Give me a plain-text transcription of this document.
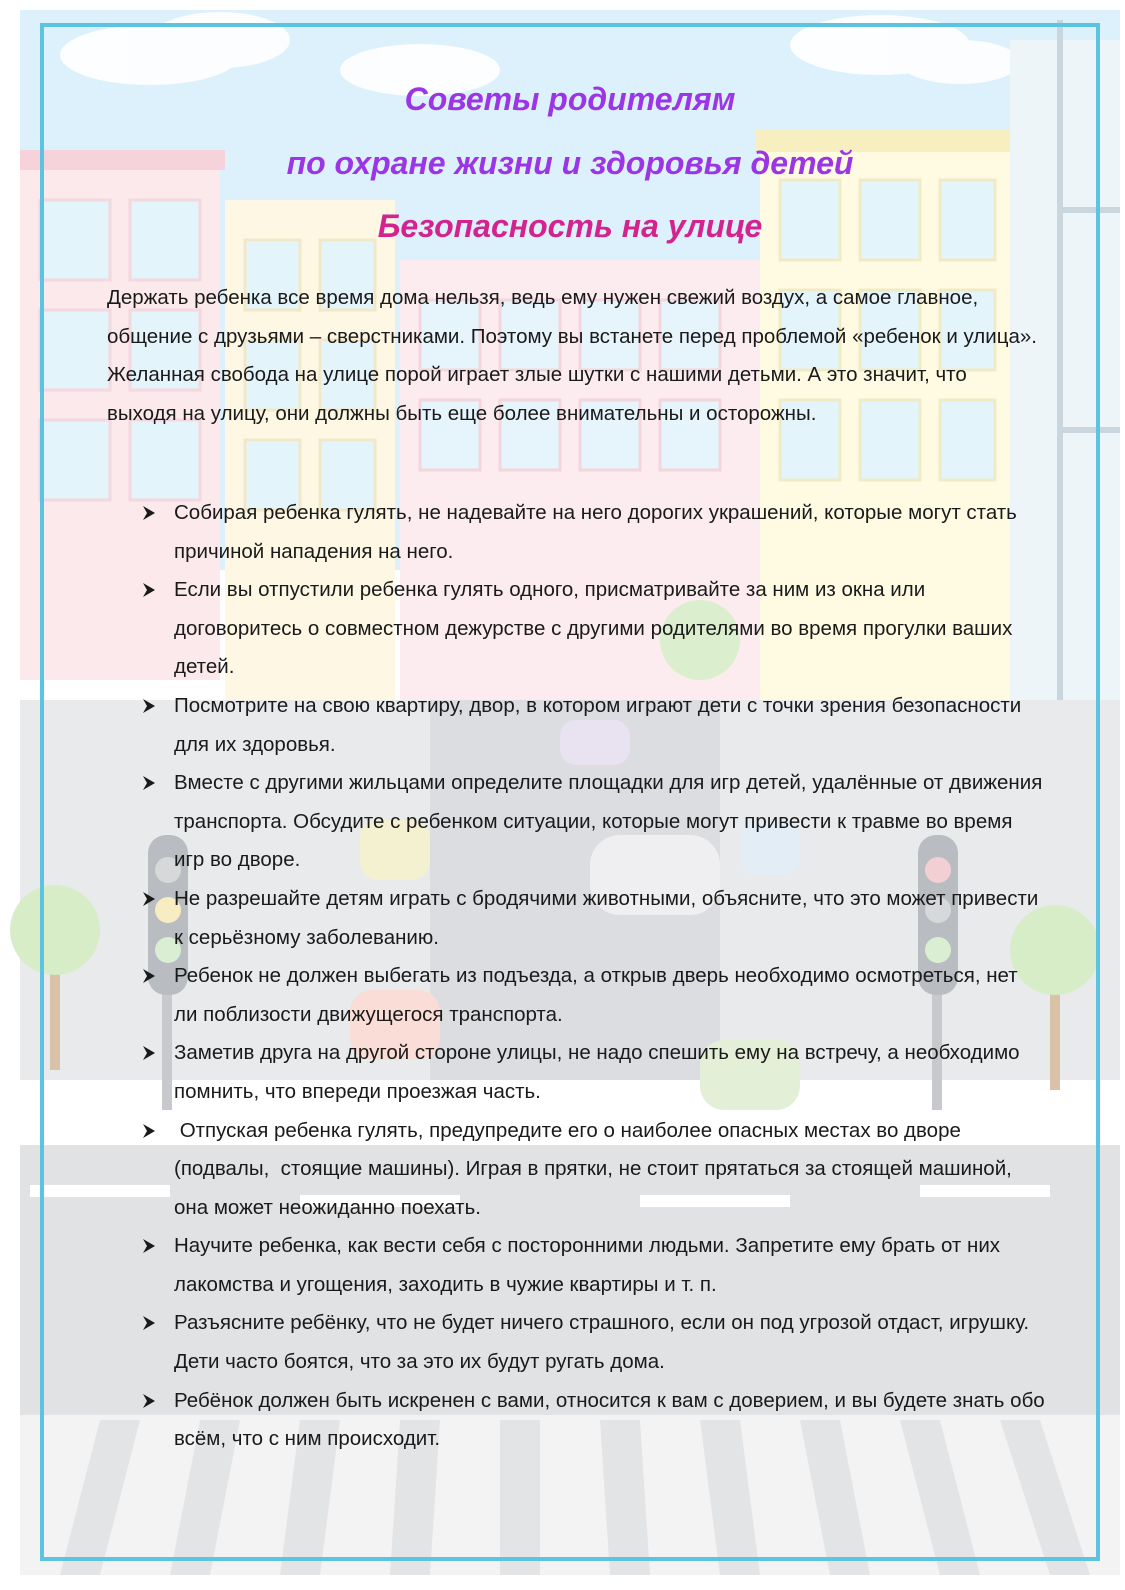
Советы родителям
по охране жизни и здоровья детей
Безопасность на улице
Держать ребенка все время дома нельзя, ведь ему нужен свежий воздух, а самое главное, общение с друзьями – сверстниками. Поэтому вы встанете перед проблемой «ребенок и улица». Желанная свобода на улице порой играет злые шутки с нашими детьми. А это значит, что выходя на улицу, они должны быть еще более внимательны и осторожны.
Собирая ребенка гулять, не надевайте на него дорогих украшений, которые могут стать причиной нападения на него.
Если вы отпустили ребенка гулять одного, присматривайте за ним из окна или договоритесь о совместном дежурстве с другими родителями во время прогулки ваших детей.
Посмотрите на свою квартиру, двор, в котором играют дети с точки зрения безопасности для их здоровья.
Вместе с другими жильцами определите площадки для игр детей, удалённые от движения транспорта. Обсудите с ребенком ситуации, которые могут привести к травме во время игр во дворе.
Не разрешайте детям играть с бродячими животными, объясните, что это может привести к серьёзному заболеванию.
Ребенок не должен выбегать из подъезда, а открыв дверь необходимо осмотреться, нет ли поблизости движущегося транспорта.
Заметив друга на другой стороне улицы, не надо спешить ему на встречу, а необходимо помнить, что впереди проезжая часть.
Отпуская ребенка гулять, предупредите его о наиболее опасных местах во дворе (подвалы,  стоящие машины). Играя в прятки, не стоит прятаться за стоящей машиной, она может неожиданно поехать.
Научите ребенка, как вести себя с посторонними людьми. Запретите ему брать от них лакомства и угощения, заходить в чужие квартиры и т. п.
Разъясните ребёнку, что не будет ничего страшного, если он под угрозой отдаст, игрушку. Дети часто боятся, что за это их будут ругать дома.
Ребёнок должен быть искренен с вами, относится к вам с доверием, и вы будете знать обо всём, что с ним происходит.
